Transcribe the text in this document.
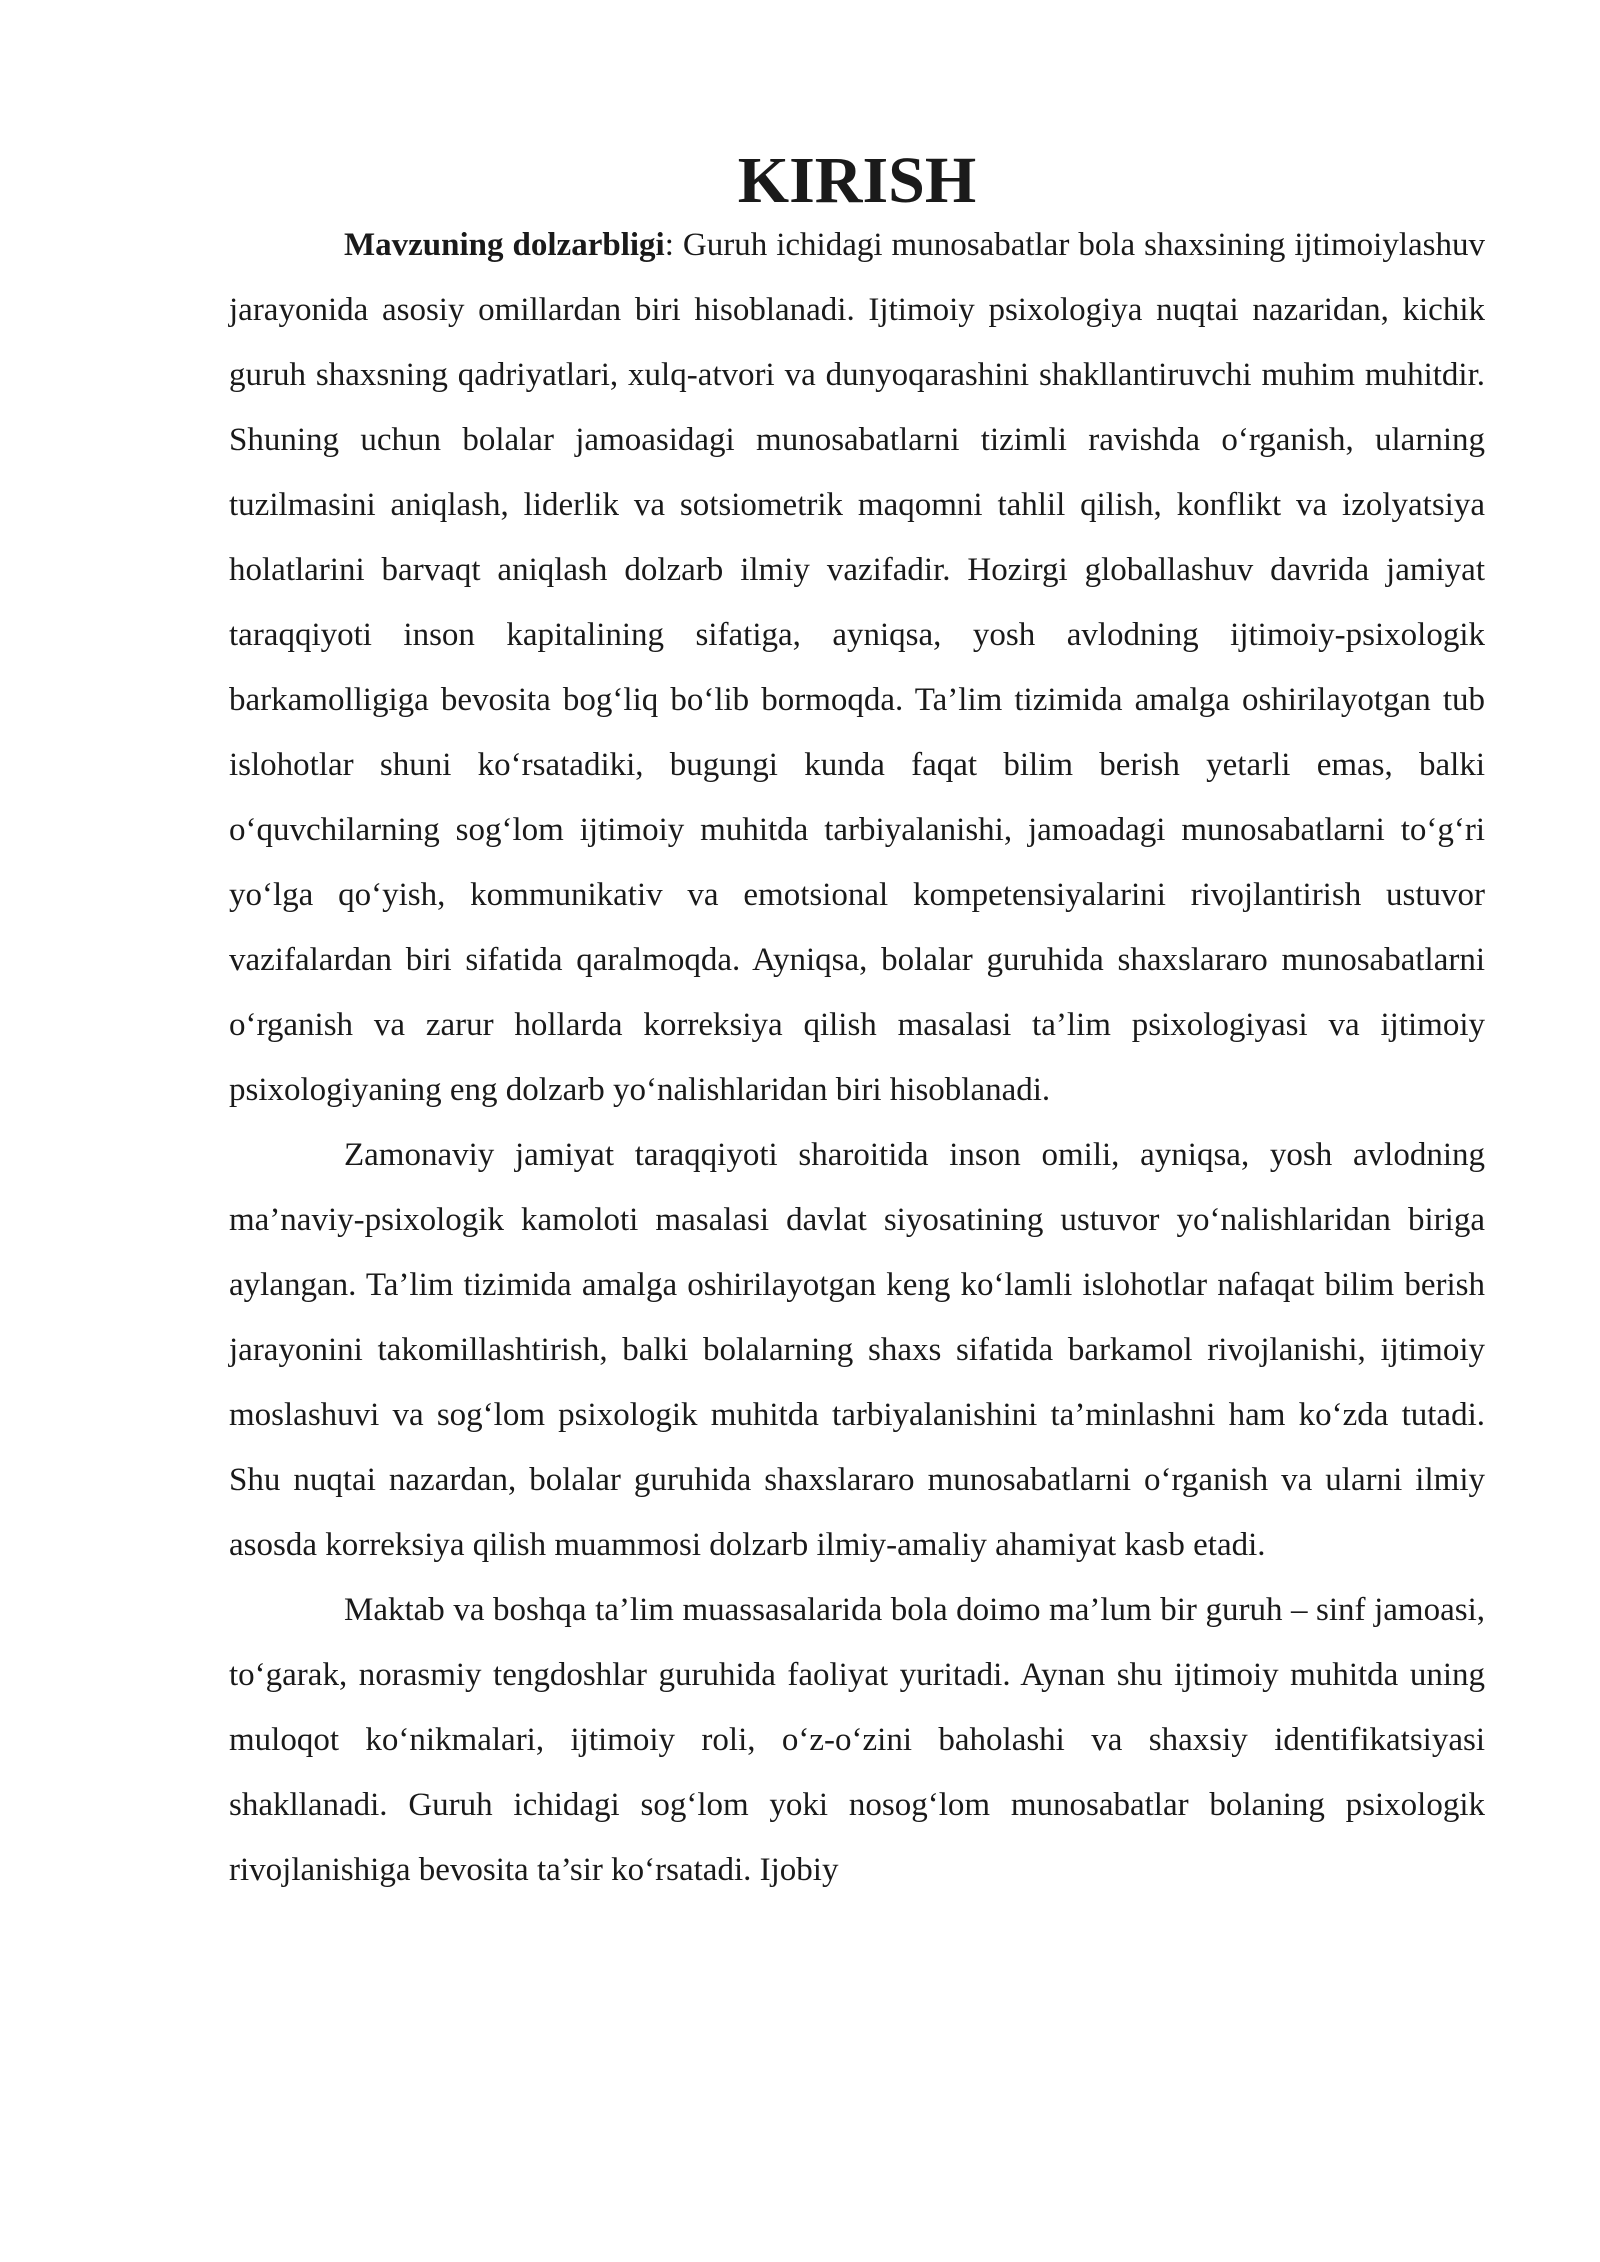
KIRISH

Mavzuning dolzarbligi: Guruh ichidagi munosabatlar bola shaxsining ijtimoiylashuv jarayonida asosiy omillardan biri hisoblanadi. Ijtimoiy psixologiya nuqtai nazaridan, kichik guruh shaxsning qadriyatlari, xulq-atvori va dunyoqarashini shakllantiruvchi muhim muhitdir. Shuning uchun bolalar jamoasidagi munosabatlarni tizimli ravishda o‘rganish, ularning tuzilmasini aniqlash, liderlik va sotsiometrik maqomni tahlil qilish, konflikt va izolyatsiya holatlarini barvaqt aniqlash dolzarb ilmiy vazifadir. Hozirgi globallashuv davrida jamiyat taraqqiyoti inson kapitalining sifatiga, ayniqsa, yosh avlodning ijtimoiy-psixologik barkamolligiga bevosita bog‘liq bo‘lib bormoqda. Ta’lim tizimida amalga oshirilayotgan tub islohotlar shuni ko‘rsatadiki, bugungi kunda faqat bilim berish yetarli emas, balki o‘quvchilarning sog‘lom ijtimoiy muhitda tarbiyalanishi, jamoadagi munosabatlarni to‘g‘ri yo‘lga qo‘yish, kommunikativ va emotsional kompetensiyalarini rivojlantirish ustuvor vazifalardan biri sifatida qaralmoqda. Ayniqsa, bolalar guruhida shaxslararo munosabatlarni o‘rganish va zarur hollarda korreksiya qilish masalasi ta’lim psixologiyasi va ijtimoiy psixologiyaning eng dolzarb yo‘nalishlaridan biri hisoblanadi.

Zamonaviy jamiyat taraqqiyoti sharoitida inson omili, ayniqsa, yosh avlodning ma’naviy-psixologik kamoloti masalasi davlat siyosatining ustuvor yo‘nalishlaridan biriga aylangan. Ta’lim tizimida amalga oshirilayotgan keng ko‘lamli islohotlar nafaqat bilim berish jarayonini takomillashtirish, balki bolalarning shaxs sifatida barkamol rivojlanishi, ijtimoiy moslashuvi va sog‘lom psixologik muhitda tarbiyalanishini ta’minlashni ham ko‘zda tutadi. Shu nuqtai nazardan, bolalar guruhida shaxslararo munosabatlarni o‘rganish va ularni ilmiy asosda korreksiya qilish muammosi dolzarb ilmiy-amaliy ahamiyat kasb etadi.

Maktab va boshqa ta’lim muassasalarida bola doimo ma’lum bir guruh – sinf jamoasi, to‘garak, norasmiy tengdoshlar guruhida faoliyat yuritadi. Aynan shu ijtimoiy muhitda uning muloqot ko‘nikmalari, ijtimoiy roli, o‘z-o‘zini baholashi va shaxsiy identifikatsiyasi shakllanadi. Guruh ichidagi sog‘lom yoki nosog‘lom munosabatlar bolaning psixologik rivojlanishiga bevosita ta’sir ko‘rsatadi. Ijobiy
